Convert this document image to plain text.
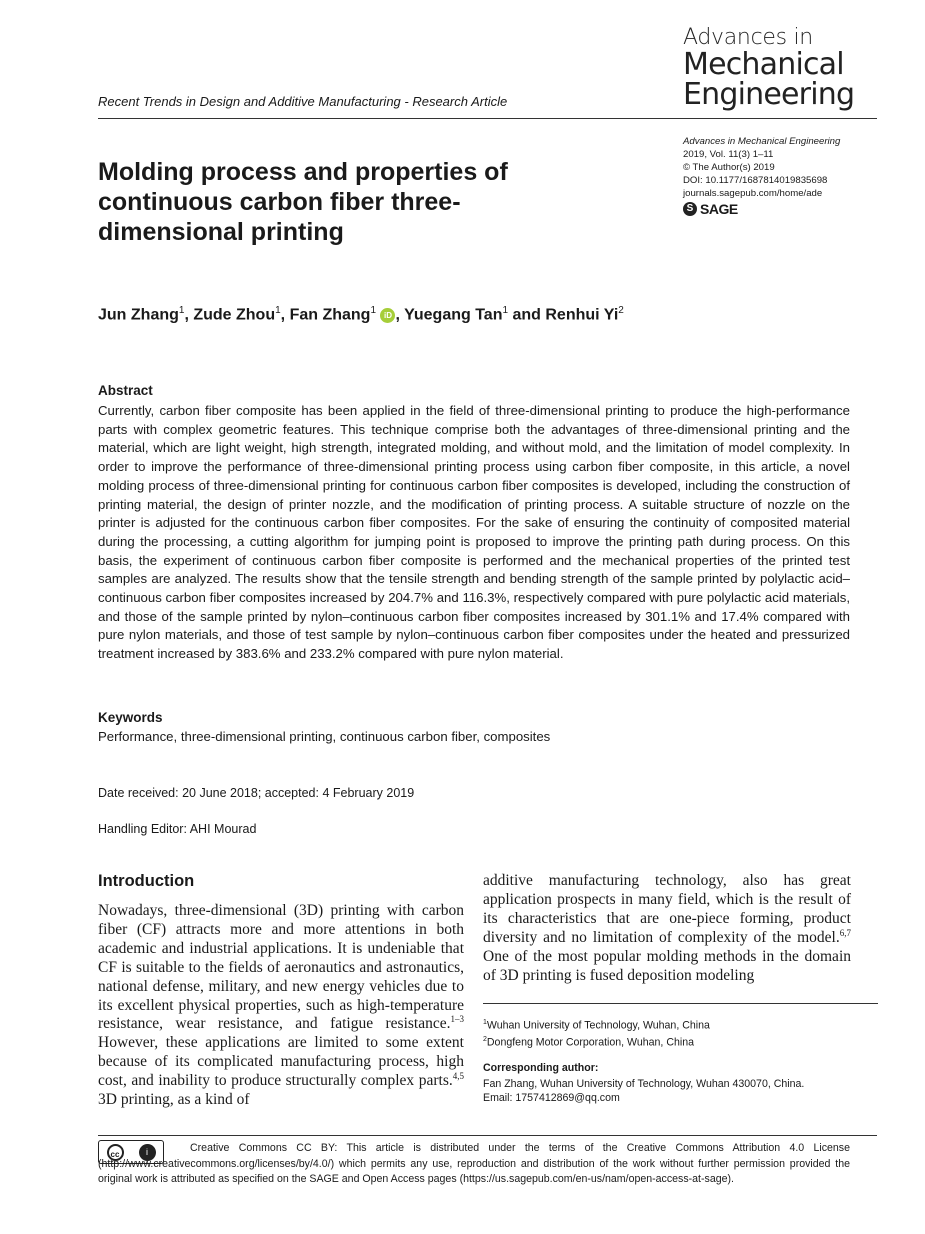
Recent Trends in Design and Additive Manufacturing - Research Article
Advances in
Mechanical
Engineering
Advances in Mechanical Engineering
2019, Vol. 11(3) 1–11
© The Author(s) 2019
DOI: 10.1177/1687814019835698
journals.sagepub.com/home/ade
S SAGE
Molding process and properties of continuous carbon fiber three-dimensional printing
Jun Zhang$^1$, Zude Zhou$^1$, Fan Zhang$^1$ iD , Yuegang Tan$^1$ and Renhui Yi$^2$
Abstract
Currently, carbon fiber composite has been applied in the field of three-dimensional printing to produce the high-performance parts with complex geometric features. This technique comprise both the advantages of three-dimensional printing and the material, which are light weight, high strength, integrated molding, and without mold, and the limitation of model complexity. In order to improve the performance of three-dimensional printing process using carbon fiber composite, in this article, a novel molding process of three-dimensional printing for continuous carbon fiber composites is developed, including the construction of printing material, the design of printer nozzle, and the modification of printing process. A suitable structure of nozzle on the printer is adjusted for the continuous carbon fiber composites. For the sake of ensuring the continuity of composited material during the processing, a cutting algorithm for jumping point is proposed to improve the printing path during process. On this basis, the experiment of continuous carbon fiber composite is performed and the mechanical properties of the printed test samples are analyzed. The results show that the tensile strength and bending strength of the sample printed by polylactic acid–continuous carbon fiber composites increased by 204.7% and 116.3%, respectively compared with pure polylactic acid materials, and those of the sample printed by nylon–continuous carbon fiber composites increased by 301.1% and 17.4% compared with pure nylon materials, and those of test sample by nylon–continuous carbon fiber composites under the heated and pressurized treatment increased by 383.6% and 233.2% compared with pure nylon material.
Keywords
Performance, three-dimensional printing, continuous carbon fiber, composites
Date received: 20 June 2018; accepted: 4 February 2019
Handling Editor: AHI Mourad
Introduction
Nowadays, three-dimensional (3D) printing with carbon fiber (CF) attracts more and more attentions in both academic and industrial applications. It is undeniable that CF is suitable to the fields of aeronautics and astronautics, national defense, military, and new energy vehicles due to its excellent physical properties, such as high-temperature resistance, wear resistance, and fatigue resistance.$^{1-3}$ However, these applications are limited to some extent because of its complicated manufacturing process, high cost, and inability to produce structurally complex parts.$^{4,5}$ 3D printing, as a kind of
additive manufacturing technology, also has great application prospects in many field, which is the result of its characteristics that are one-piece forming, product diversity and no limitation of complexity of the model.$^{6,7}$ One of the most popular molding methods in the domain of 3D printing is fused deposition modeling
$^1$Wuhan University of Technology, Wuhan, China
$^2$Dongfeng Motor Corporation, Wuhan, China
Corresponding author:
Fan Zhang, Wuhan University of Technology, Wuhan 430070, China.
Email: 1757412869@qq.com
cc	i	Creative Commons CC BY: This article is distributed under the terms of the Creative Commons Attribution 4.0 License (http://www.creativecommons.org/licenses/by/4.0/) which permits any use, reproduction and distribution of the work without further permission provided the original work is attributed as specified on the SAGE and Open Access pages (https://us.sagepub.com/en-us/nam/open-access-at-sage).
